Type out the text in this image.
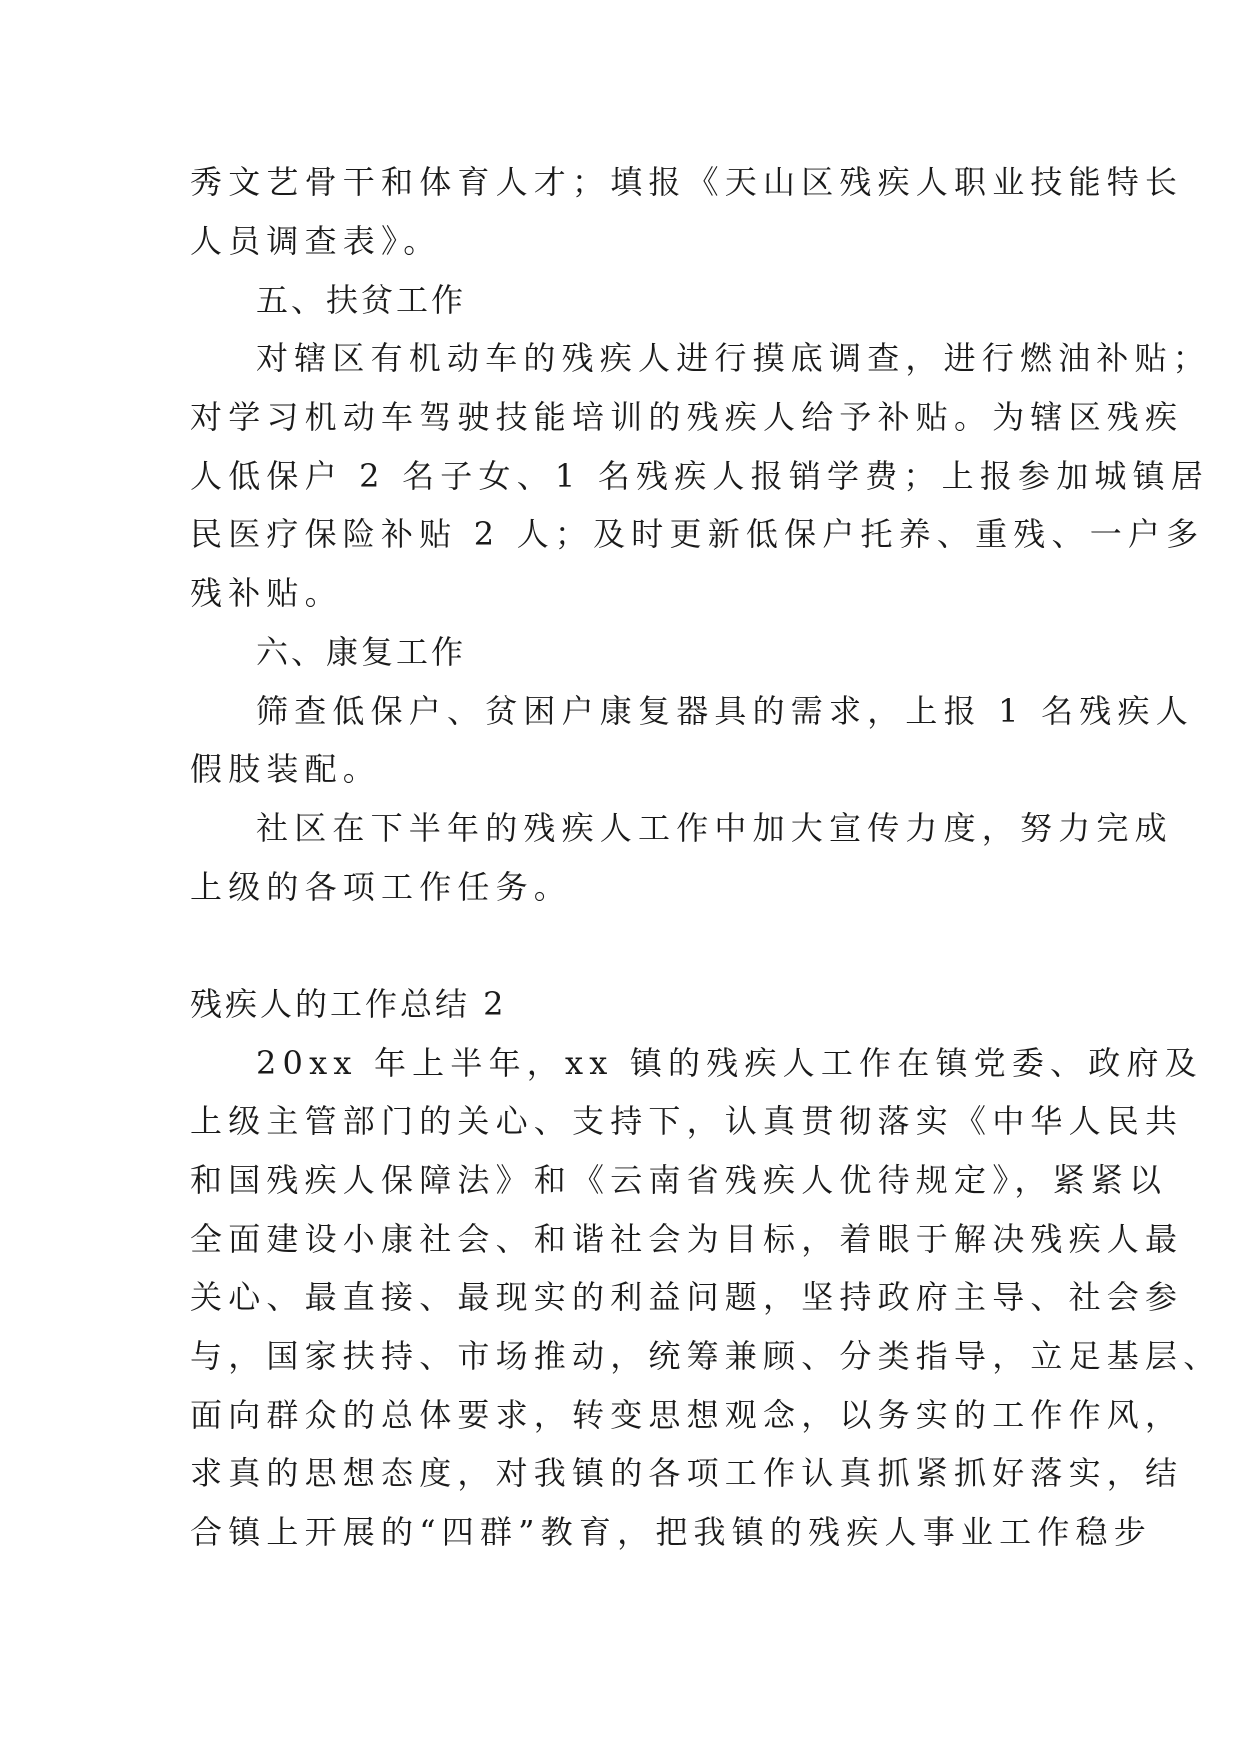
秀文艺骨干和体育人才；填报《天山区残疾人职业技能特长
人员调查表》。
五、扶贫工作
对辖区有机动车的残疾人进行摸底调查，进行燃油补贴；
对学习机动车驾驶技能培训的残疾人给予补贴。为辖区残疾
人低保户 2 名子女、1 名残疾人报销学费；上报参加城镇居
民医疗保险补贴 2 人；及时更新低保户托养、重残、一户多
残补贴。
六、康复工作
筛查低保户、贫困户康复器具的需求，上报 1 名残疾人
假肢装配。
社区在下半年的残疾人工作中加大宣传力度，努力完成
上级的各项工作任务。
残疾人的工作总结 2
20xx 年上半年，xx 镇的残疾人工作在镇党委、政府及
上级主管部门的关心、支持下，认真贯彻落实《中华人民共
和国残疾人保障法》和《云南省残疾人优待规定》，紧紧以
全面建设小康社会、和谐社会为目标，着眼于解决残疾人最
关心、最直接、最现实的利益问题，坚持政府主导、社会参
与，国家扶持、市场推动，统筹兼顾、分类指导，立足基层、
面向群众的总体要求，转变思想观念，以务实的工作作风，
求真的思想态度，对我镇的各项工作认真抓紧抓好落实，结
合镇上开展的“四群”教育，把我镇的残疾人事业工作稳步
